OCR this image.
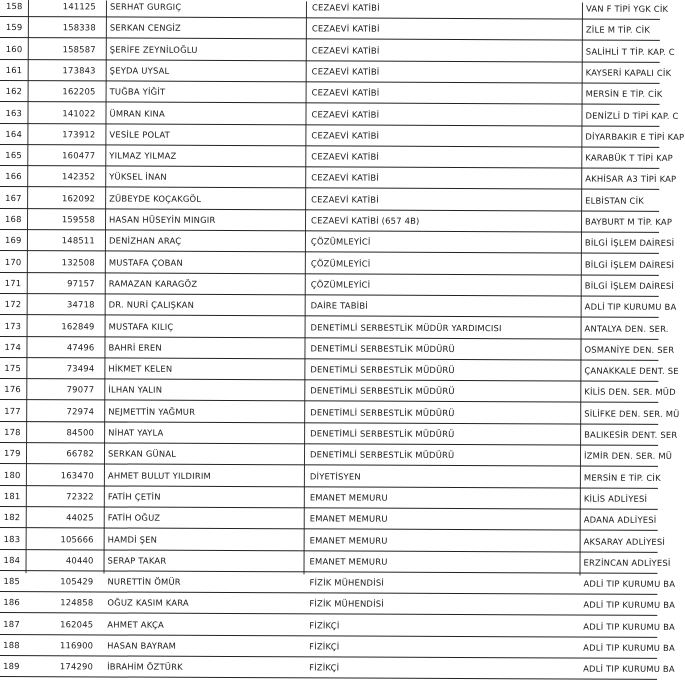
158	141125 SERHAT GURGIÇ	CEZAEVİ KATİBİ	VAN F TİPİ YGK CİK
159	158338 SERKAN CENGİZ	CEZAEVİ KATİBİ	ZİLE M TİP. CİK
160	158587 ŞERİFE ZEYNİLOĞLU	CEZAEVİ KATİBİ	SALİHLİ T TİP. KAP. C
161	173843 ŞEYDA UYSAL	CEZAEVİ KATİBİ	KAYSERİ KAPALI CİK
162	162205 TUĞBA YİĞİT	CEZAEVİ KATİBİ	MERSİN E TİP. CİK
163	141022 ÜMRAN KINA	CEZAEVİ KATİBİ	DENİZLİ D TİPİ KAP. C
164	173912 VESİLE POLAT	CEZAEVİ KATİBİ	DİYARBAKIR E TİPİ KAP
165	160477 YILMAZ YILMAZ	CEZAEVİ KATİBİ	KARABÜK T TİPİ KAP
166	142352 YÜKSEL İNAN	CEZAEVİ KATİBİ	AKHİSAR A3 TİPİ KAP
167	162092 ZÜBEYDE KOÇAKGÖL	CEZAEVİ KATİBİ	ELBİSTAN CİK
168	159558 HASAN HÜSEYİN MINGIR	CEZAEVİ KATİBİ (657 4B)	BAYBURT M TİP. KAP
169	148511 DENİZHAN ARAÇ	ÇÖZÜMLEYİCİ	BİLGİ İŞLEM DAİRESİ
170	132508 MUSTAFA ÇOBAN	ÇÖZÜMLEYİCİ	BİLGİ İŞLEM DAİRESİ
171	97157 RAMAZAN KARAGÖZ	ÇÖZÜMLEYİCİ	BİLGİ İŞLEM DAİRESİ
172	34718 DR. NURİ ÇALIŞKAN	DAİRE TABİBİ	ADLİ TIP KURUMU BA
173	162849 MUSTAFA KILIÇ	DENETİMLİ SERBESTLİK MÜDÜR YARDIMCISI	ANTALYA DEN. SER.
174	47496 BAHRİ EREN	DENETİMLİ SERBESTLİK MÜDÜRÜ	OSMANİYE DEN. SER
175	73494 HİKMET KELEN	DENETİMLİ SERBESTLİK MÜDÜRÜ	ÇANAKKALE DENT. SE
176	79077 İLHAN YALIN	DENETİMLİ SERBESTLİK MÜDÜRÜ	KİLİS DEN. SER. MÜD
177	72974 NEJMETTİN YAĞMUR	DENETİMLİ SERBESTLİK MÜDÜRÜ	SİLİFKE DEN. SER. MÜ
178	84500 NİHAT YAYLA	DENETİMLİ SERBESTLİK MÜDÜRÜ	BALIKESİR DENT. SER
179	66782 SERKAN GÜNAL	DENETİMLİ SERBESTLİK MÜDÜRÜ	İZMİR DEN. SER. MÜ
180	163470 AHMET BULUT YILDIRIM	DİYETİSYEN	MERSİN E TİP. CİK
181	72322 FATİH ÇETİN	EMANET MEMURU	KİLİS ADLİYESİ
182	44025 FATİH OĞUZ	EMANET MEMURU	ADANA ADLİYESİ
183	105666 HAMDİ ŞEN	EMANET MEMURU	AKSARAY ADLİYESİ
184	40440 SERAP TAKAR	EMANET MEMURU	ERZİNCAN ADLİYESİ
185	105429 NURETTİN ÖMÜR	FİZİK MÜHENDİSİ	ADLİ TIP KURUMU BA
186	124858 OĞUZ KASIM KARA	FİZİK MÜHENDİSİ	ADLİ TIP KURUMU BA
187	162045 AHMET AKÇA	FİZİKÇİ	ADLİ TIP KURUMU BA
188	116900 HASAN BAYRAM	FİZİKÇİ	ADLİ TIP KURUMU BA
189	174290 İBRAHİM ÖZTÜRK	FİZİKÇİ	ADLİ TIP KURUMU BA
